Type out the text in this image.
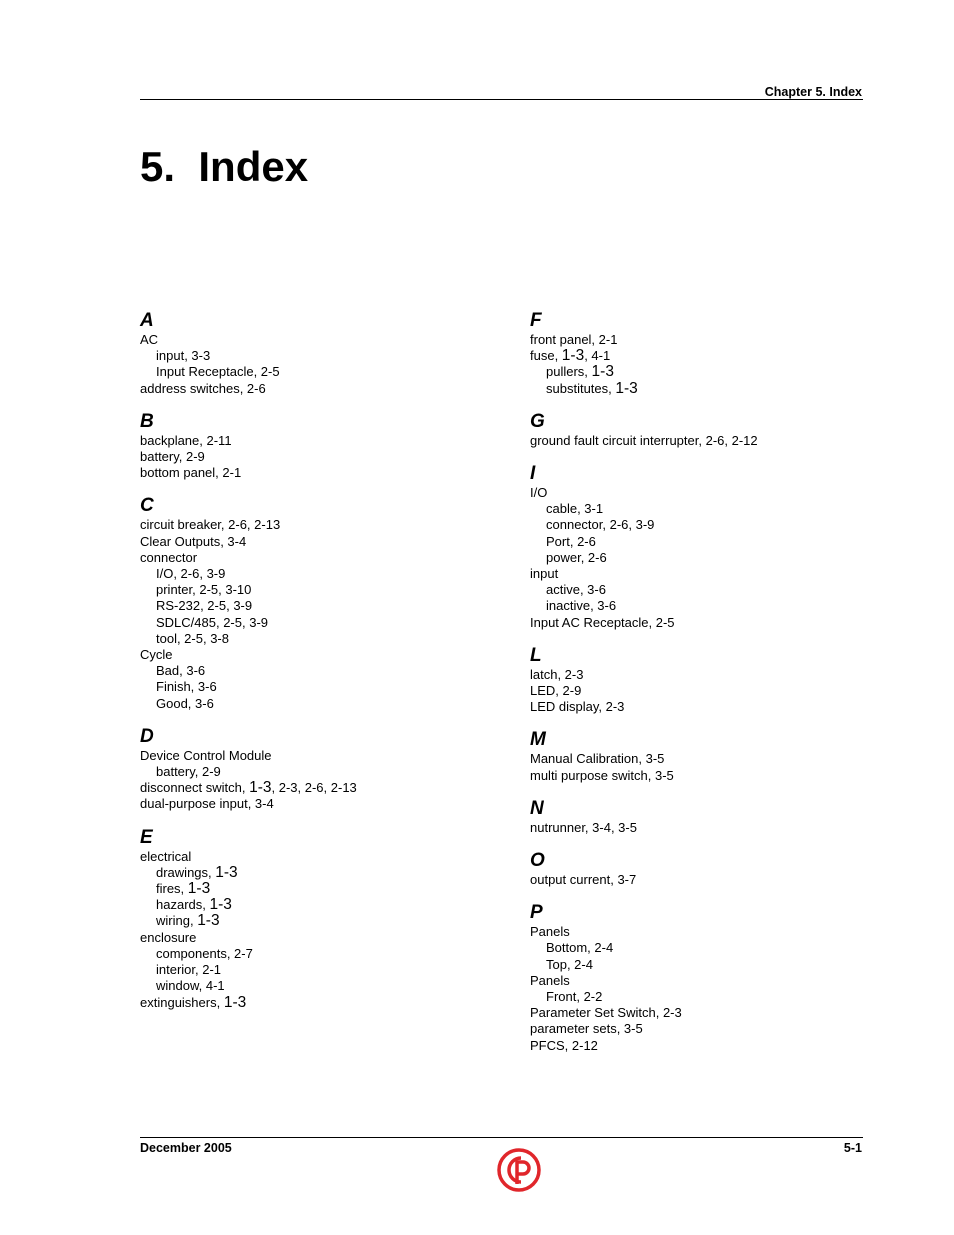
Chapter 5. Index
5.  Index
A
AC
input, 3-3
Input Receptacle, 2-5
address switches, 2-6
B
backplane, 2-11
battery, 2-9
bottom panel, 2-1
C
circuit breaker, 2-6, 2-13
Clear Outputs, 3-4
connector
I/O, 2-6, 3-9
printer, 2-5, 3-10
RS-232, 2-5, 3-9
SDLC/485, 2-5, 3-9
tool, 2-5, 3-8
Cycle
Bad, 3-6
Finish, 3-6
Good, 3-6
D
Device Control Module
battery, 2-9
disconnect switch, 1-3, 2-3, 2-6, 2-13
dual-purpose input, 3-4
E
electrical
drawings, 1-3
fires, 1-3
hazards, 1-3
wiring, 1-3
enclosure
components, 2-7
interior, 2-1
window, 4-1
extinguishers, 1-3
F
front panel, 2-1
fuse, 1-3, 4-1
pullers, 1-3
substitutes, 1-3
G
ground fault circuit interrupter, 2-6, 2-12
I
I/O
cable, 3-1
connector, 2-6, 3-9
Port, 2-6
power, 2-6
input
active, 3-6
inactive, 3-6
Input AC Receptacle, 2-5
L
latch, 2-3
LED, 2-9
LED display, 2-3
M
Manual Calibration, 3-5
multi purpose switch, 3-5
N
nutrunner, 3-4, 3-5
O
output current, 3-7
P
Panels
Bottom, 2-4
Top, 2-4
Panels
Front, 2-2
Parameter Set Switch, 2-3
parameter sets, 3-5
PFCS, 2-12
December 2005	5-1
